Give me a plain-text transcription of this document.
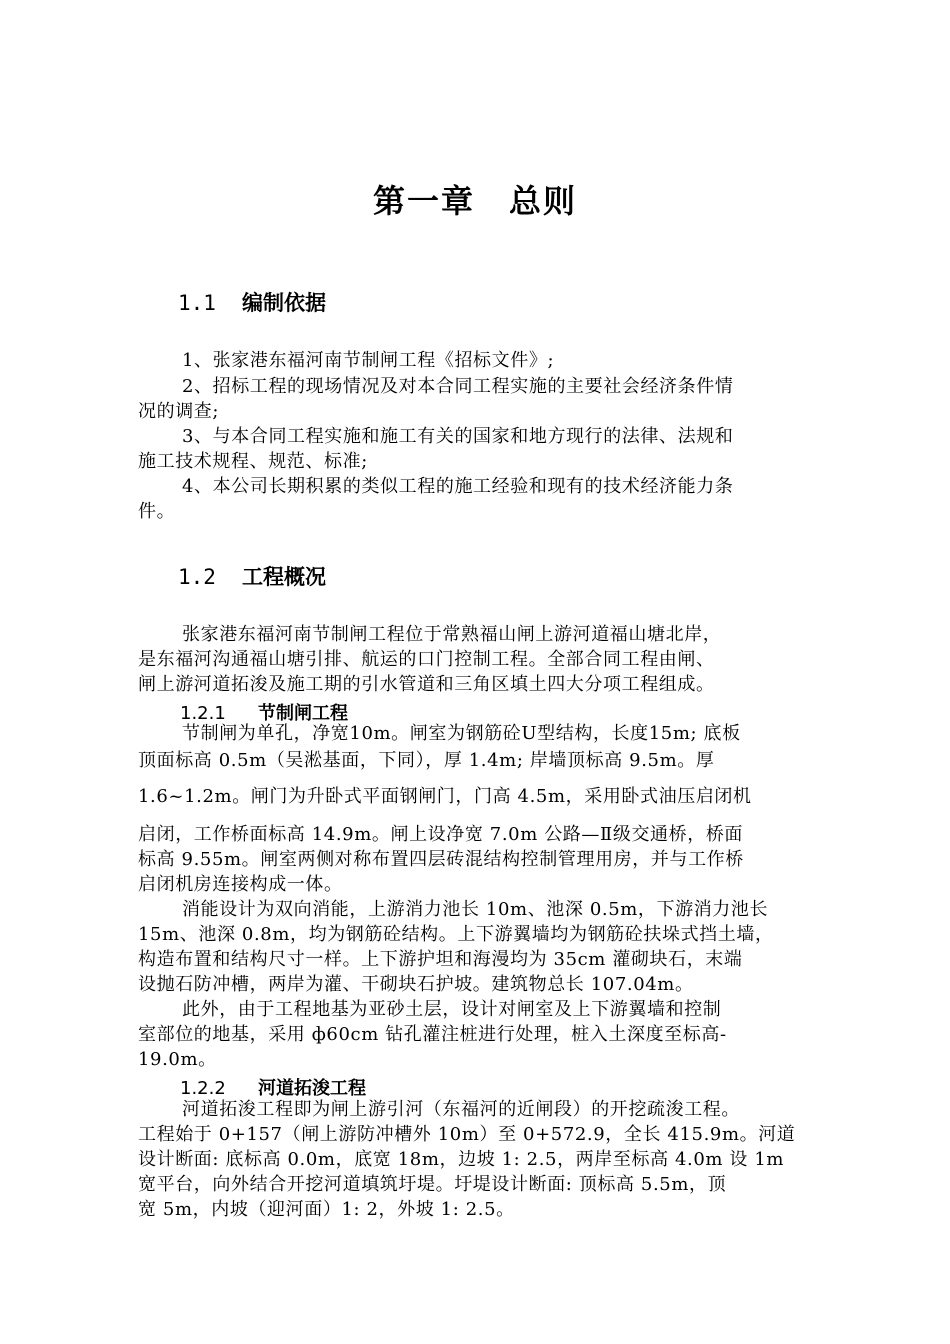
第一章 总则
1.1 编制依据
1、张家港东福河南节制闸工程《招标文件》;
2、招标工程的现场情况及对本合同工程实施的主要社会经济条件情
况的调查;
3、与本合同工程实施和施工有关的国家和地方现行的法律、法规和
施工技术规程、规范、标准;
4、本公司长期积累的类似工程的施工经验和现有的技术经济能力条
件。
1.2 工程概况
张家港东福河南节制闸工程位于常熟福山闸上游河道福山塘北岸，
是东福河沟通福山塘引排、航运的口门控制工程。全部合同工程由闸、
闸上游河道拓浚及施工期的引水管道和三角区填土四大分项工程组成。
1.2.1 节制闸工程
节制闸为单孔，净宽10m。闸室为钢筋砼U型结构，长度15m; 底板
顶面标高 0.5m（吴淞基面，下同），厚 1.4m; 岸墙顶标高 9.5m。厚
1.6~1.2m。闸门为升卧式平面钢闸门，门高 4.5m，采用卧式油压启闭机
启闭，工作桥面标高 14.9m。闸上设净宽 7.0m 公路—Ⅱ级交通桥，桥面
标高 9.55m。闸室两侧对称布置四层砖混结构控制管理用房，并与工作桥
启闭机房连接构成一体。
消能设计为双向消能，上游消力池长 10m、池深 0.5m，下游消力池长
15m、池深 0.8m，均为钢筋砼结构。上下游翼墙均为钢筋砼扶垛式挡土墙，
构造布置和结构尺寸一样。上下游护坦和海漫均为 35cm 灌砌块石，末端
设抛石防冲槽，两岸为灌、干砌块石护坡。建筑物总长 107.04m。
此外，由于工程地基为亚砂土层，设计对闸室及上下游翼墙和控制
室部位的地基，采用 ф60cm 钻孔灌注桩进行处理，桩入土深度至标高-
19.0m。
1.2.2 河道拓浚工程
河道拓浚工程即为闸上游引河（东福河的近闸段）的开挖疏浚工程。
工程始于 0+157（闸上游防冲槽外 10m）至 0+572.9，全长 415.9m。河道
设计断面: 底标高 0.0m，底宽 18m，边坡 1: 2.5，两岸至标高 4.0m 设 1m
宽平台，向外结合开挖河道填筑圩堤。圩堤设计断面: 顶标高 5.5m，顶
宽 5m，内坡（迎河面）1: 2，外坡 1: 2.5。
